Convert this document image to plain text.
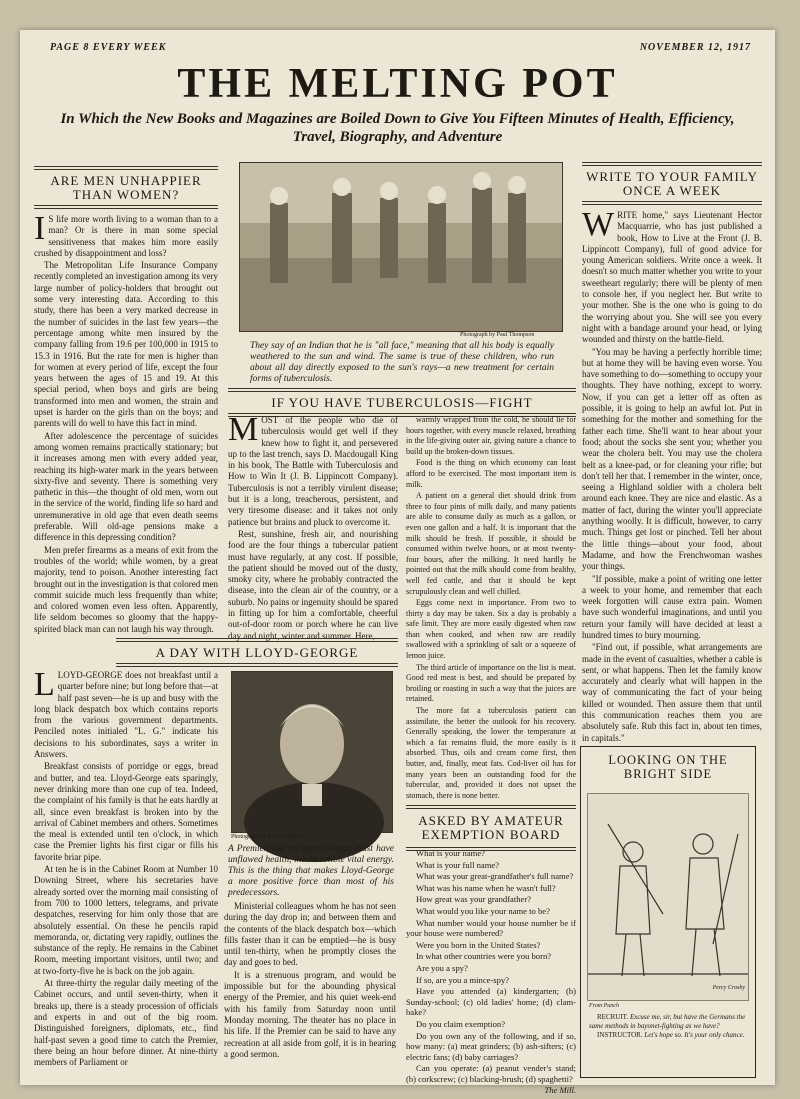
PAGE 8 EVERY WEEK	NOVEMBER 12, 1917
THE MELTING POT
In Which the New Books and Magazines are Boiled Down to Give You Fifteen Minutes of Health, Efficiency, Travel, Biography, and Adventure
ARE MEN UNHAPPIER THAN WOMEN?
I S life more worth living to a woman than to a man? Or is there in man some special sensitiveness that makes him more easily crushed by disappointment and loss?

The Metropolitan Life Insurance Company recently completed an investigation among its very large number of policy-holders that brought out some very interesting data. According to this study, there has been a very marked decrease in the number of suicides in the last few years—the percentage among white men insured by the company falling from 19.6 per 100,000 in 1915 to 15.3 in 1916. But the rate for men is higher than for women at every period of life, except the four years between the ages of 15 and 19. At this special period, when boys and girls are being transformed into men and women, the strain and upset is harder on the girls than on the boys; and parents will do well to have this fact in mind.

After adolescence the percentage of suicides among women remains practically stationary; but it increases among men with every added year, reaching its high-water mark in the years between sixty-five and seventy. There is something very pathetic in this—the thought of old men, worn out in the service of the world, finding life so hard and unremunerative in old age that even death seems preferable. Will old-age pensions make a difference in this depressing condition?

Men prefer firearms as a means of exit from the troubles of the world; while women, by a great majority, tend to poison. Another interesting fact brought out in the investigation is that colored men commit suicide much less frequently than white; and colored women even less often. Apparently, life seldom becomes so gloomy that the happy-spirited black man can not laugh his way through.

Photograph by Paul Thompson
They say of an Indian that he is "all face," meaning that all his body is equally weathered to the sun and wind. The same is true of these children, who run about all day directly exposed to the sun's rays—a new treatment for certain forms of tuberculosis.
IF YOU HAVE TUBERCULOSIS—FIGHT
M OST of the people who die of tuberculosis would get well if they knew how to fight it, and persevered up to the last trench, says D. Macdougall King in his book, The Battle with Tuberculosis and How to Win It (J. B. Lippincott Company). Tuberculosis is not a terribly virulent disease; but it is a long, treacherous, persistent, and very tiresome disease: and it takes not only patience but brains and pluck to overcome it.

Rest, sunshine, fresh air, and nourishing food are the four things a tubercular patient must have regularly, at any cost. If possible, the patient should be moved out of the dusty, smoky city, where he probably contracted the disease, into the clean air of the country, or a suburb. No pains or ingenuity should be spared in fitting up for him a comfortable, cheerful out-of-door room or porch where he can live day and night, winter and summer. Here,

warmly wrapped from the cold, he should lie for hours together, with every muscle relaxed, breathing in the life-giving outer air, giving nature a chance to build up the broken-down tissues.

Food is the thing on which economy can least afford to be exercised. The most important item is milk.

A patient on a general diet should drink from three to four pints of milk daily, and many patients are able to consume daily as much as a gallon, or even one gallon and a half. It is important that the milk should be fresh. If possible, it should be consumed within twelve hours, or at most twenty-four hours, after the milking. It need hardly be pointed out that the milk should come from healthy, well fed cattle, and that it should be kept scrupulously clean and well chilled.

Eggs come next in importance. From two to thirty a day may be taken. Six a day is probably a safe limit. They are more easily digested when raw than when cooked, and when raw are readily swallowed with a sprinkling of salt or a squeeze of lemon juice.

The third article of importance on the list is meat. Good red meat is best, and should be prepared by broiling or roasting in such a way that the juices are retained.

The more fat a tuberculosis patient can assimilate, the better the outlook for his recovery. Generally speaking, the lower the temperature at which a fat remains fluid, the more easily is it absorbed. Thus, oils and cream come first, then butter, and, finally, meat fats. Cod-liver oil has for many years been an outstanding food for the tubercular, and, provided it does not upset the stomach, there is none better.

WRITE TO YOUR FAMILY ONCE A WEEK
W RITE home," says Lieutenant Hector Macquarrie, who has just published a book, How to Live at the Front (J. B. Lippincott Company), full of good advice for young American soldiers. Write once a week. It doesn't so much matter whether you write to your sweetheart regularly; there will be plenty of men to console her, if you neglect her. But write to your mother. She is the one who is going to do the worrying about you. She will see you every night with a bandage around your head, or lying wounded and thirsty on the battle-field.

"You may be having a perfectly horrible time; but at home they will be having even worse. You have something to do—something to occupy your thoughts. They have nothing, except to worry. Now, if you can get a letter off as often as possible, it is going to help an awful lot. Put in something for the mother and something for the father each time. She'll want to hear about your food; about the socks she sent you; whether you wear the cholera belt. You may use the cholera belt as a knee-pad, or for cleaning your rifle; but don't tell her that. I remember in the winter, once, seeing a Highland soldier with a cholera belt around each knee. They are nice and elastic. As a matter of fact, during the winter you'll appreciate anything woolly. It is difficult, however, to carry much. Things get lost or pinched. Tell her about the little things—about your food, about Madame, and how the Frenchwoman washes your things.

"If possible, make a point of writing one letter a week to your home, and remember that each week forgotten will cause extra pain. Women have such wonderful imaginations, and until you return your family will have decided at least a hundred times to bury mourning.

"Find out, if possible, what arrangements are made in the event of casualties, whether a cable is sent, or what happens. Then let the family know accurately and clearly what will happen in the way of communicating the fact of your being killed or wounded. Then assure them that until this communication reaches them you are absolutely safe. Rub this fact in, about ten times, in capitals."

A DAY WITH LLOYD-GEORGE
L LOYD-GEORGE does not breakfast until a quarter before nine; but long before that—at half past seven—he is up and busy with the long black despatch box which contains reports from the various government departments. Penciled notes initialed "L. G." indicate his decisions to his subordinates, says a writer in Answers.

Breakfast consists of porridge or eggs, bread and butter, and tea. Lloyd-George eats sparingly, never drinking more than one cup of tea. Indeed, the complaint of his family is that he eats hardly at all, since even breakfast is broken into by the arrival of Cabinet members and others. Sometimes the meal is extended until ten o'clock, in which case the Premier lights his first cigar or fills his favorite briar pipe.

At ten he is in the Cabinet Room at Number 10 Downing Street, where his secretaries have already sorted over the morning mail consisting of from 700 to 1000 letters, telegrams, and private despatches, reserving for him only those that are absolutely essential. On these he pencils rapid memoranda, or, dictating very rapidly, outlines the substance of the reply. He remains in the Cabinet Room, meeting important visitors, until two; and at two-forty-five he is back on the job again.

At three-thirty the regular daily meeting of the Cabinet occurs, and until seven-thirty, when it breaks up, there is a steady procession of officials and experts in and out of the big room. Distinguished foreigners, diplomats, etc., find half-past seven a good time to catch the Premier, there being an hour before dinner. At nine-thirty members of Parliament or

Photograph by Brown Brothers
A Premier, like an operа singer, must have unflawed health, inexhaustible vital energy. This is the thing that makes Lloyd-George a more positive force than most of his predecessors.

Ministerial colleagues whom he has not seen during the day drop in; and between them and the contents of the black despatch box—which fills faster than it can be emptied—he is busy until ten-thirty, when he promptly closes the day and goes to bed.

It is a strenuous program, and would be impossible but for the abounding physical energy of the Premier, and his quiet week-end with his family from Saturday noon until Monday morning. The theater has no place in his life. If the Premier can be said to have any recreation at all aside from golf, it is in hearing a good sermon.

ASKED BY AMATEUR EXEMPTION BOARD

What is your name?

What is your full name?

What was your great-grandfather's full name?

What was his name when he wasn't full?

How great was your grandfather?

What would you like your name to be?

What number would your house number be if your house were numbered?

Were you born in the United States?

In what other countries were you born?

Are you a spy?

If so, are you a mince-spy?

Have you attended (a) kindergarten; (b) Sunday-school; (c) old ladies' home; (d) clam-bake?

Do you claim exemption?

Do you own any of the following, and if so, how many: (a) meat grinders; (b) ash-sifters; (c) electric fans; (d) baby carriages?

Can you operate: (a) peanut vender's stand; (b) corkscrew; (c) blacking-brush; (d) spaghetti?

The Mill.

LOOKING ON THE BRIGHT SIDE
Percy Crosby
From Punch
RECRUIT. Excuse me, sir, but have the Germans the same methods in bayonet-fighting as we have?
INSTRUCTOR. Let's hope so. It's your only chance.
